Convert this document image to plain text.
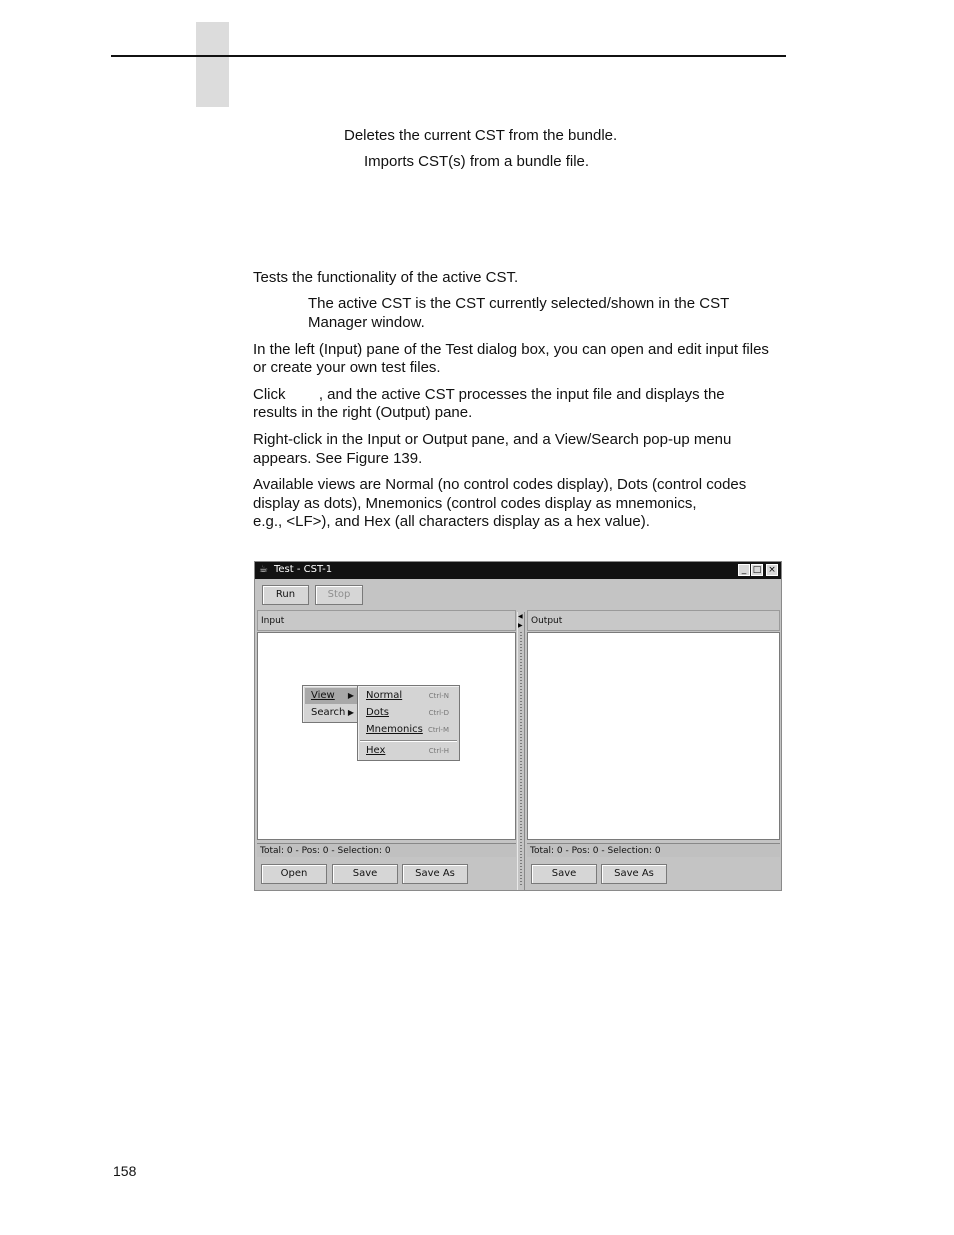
Deletes the current CST from the bundle.
Imports CST(s) from a bundle file.
Tests the functionality of the active CST.
The active CST is the CST currently selected/shown in the CST
Manager window.
In the left (Input) pane of the Test dialog box, you can open and edit input files
or create your own test files.
Click        , and the active CST processes the input file and displays the
results in the right (Output) pane.
Right-click in the Input or Output pane, and a View/Search pop-up menu
appears. See Figure 139.
Available views are Normal (no control codes display), Dots (control codes
display as dots), Mnemonics (control codes display as mnemonics,
e.g., <LF>), and Hex (all characters display as a hex value).
☕ Test - CST-1	_ □ ×
Run	Stop
Input
Total: 0 - Pos: 0 - Selection: 0
Open	Save	Save As
◀
▶ Output
Total: 0 - Pos: 0 - Selection: 0
Save	Save As
View ▶
Search ▶
Normal	Ctrl-N
Dots	Ctrl-D
Mnemonics Ctrl-M
Hex	Ctrl-H
158
